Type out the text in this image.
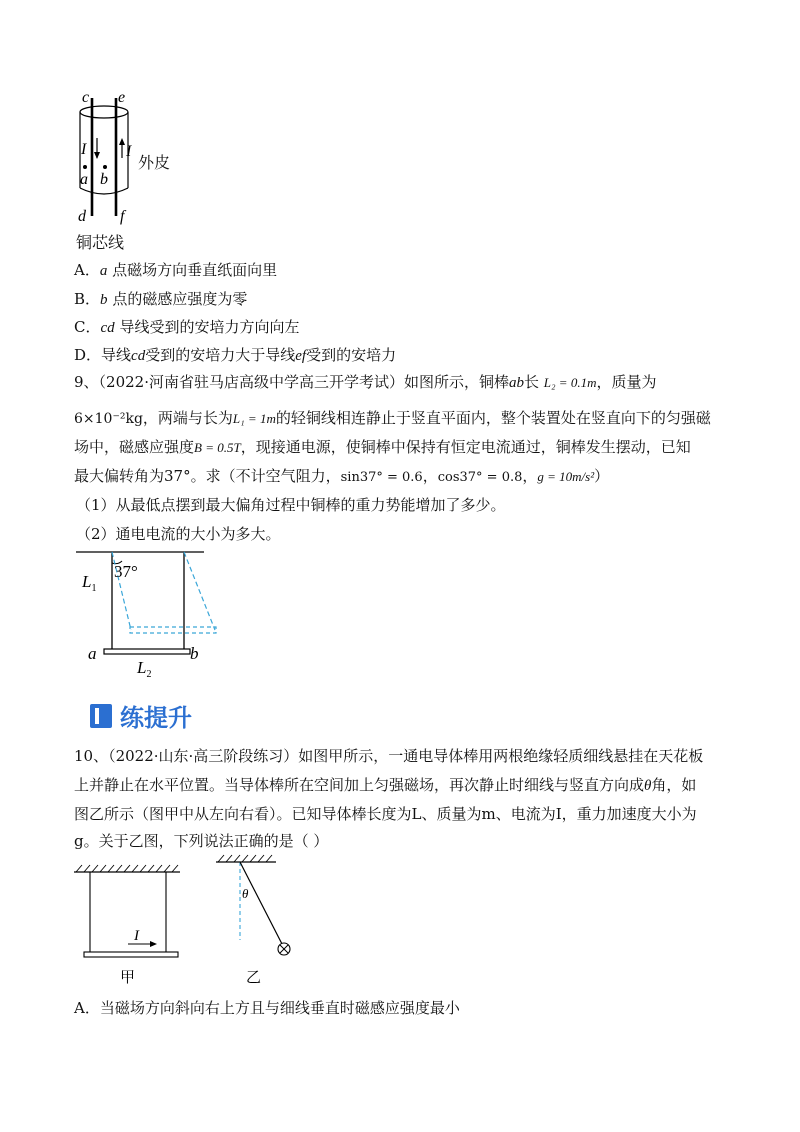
c e
I I
a b
d f
外皮
铜芯线
A．a 点磁场方向垂直纸面向里
B．b 点的磁感应强度为零
C．cd 导线受到的安培力方向向左
D．导线cd受到的安培力大于导线ef受到的安培力
9、（2022·河南省驻马店高级中学高三开学考试）如图所示，铜棒ab长 L₂ = 0.1m，质量为
6×10⁻²kg，两端与长为L₁ = 1m的轻铜线相连静止于竖直平面内，整个装置处在竖直向下的匀强磁
场中，磁感应强度B = 0.5T，现接通电源，使铜棒中保持有恒定电流通过，铜棒发生摆动，已知
最大偏转角为37°。求（不计空气阻力，sin37° = 0.6，cos37° = 0.8，g = 10m/s²）
（1）从最低点摆到最大偏角过程中铜棒的重力势能增加了多少。
（2）通电电流的大小为多大。
37°
$L_1$
a	b
$L_2$
练提升
10、（2022·山东·高三阶段练习）如图甲所示，一通电导体棒用两根绝缘轻质细线悬挂在天花板
上并静止在水平位置。当导体棒所在空间加上匀强磁场，再次静止时细线与竖直方向成θ角，如
图乙所示（图甲中从左向右看）。已知导体棒长度为L、质量为m、电流为I，重力加速度大小为
g。关于乙图，下列说法正确的是（ ）
I
甲
θ
乙
A．当磁场方向斜向右上方且与细线垂直时磁感应强度最小
